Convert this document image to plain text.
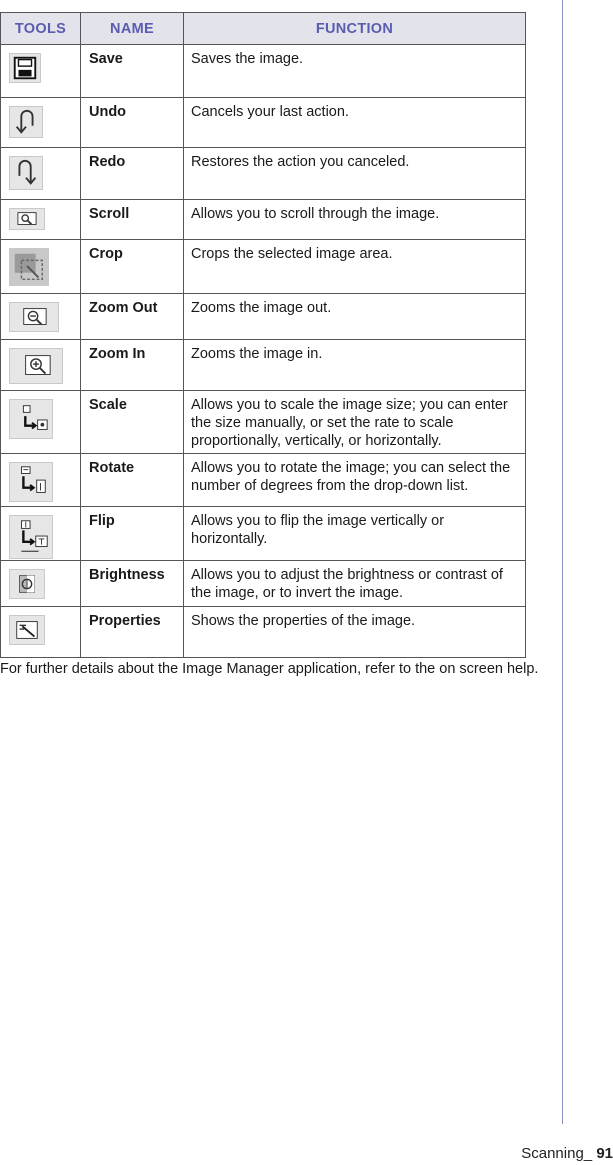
TOOLS	NAME	FUNCTION

	Save	Saves the image.

	Undo	Cancels your last action.

	Redo	Restores the action you canceled.

	Scroll	Allows you to scroll through the image.

	Crop	Crops the selected image area.

	Zoom Out	Zooms the image out.

	Zoom In	Zooms the image in.

	Scale	Allows you to scale the image size; you can enter the size manually, or set the rate to scale proportionally, vertically, or horizontally.

	Rotate	Allows you to rotate the image; you can select the number of degrees from the drop-down list.

	Flip	Allows you to flip the image vertically or horizontally.

	Brightness	Allows you to adjust the brightness or contrast of the image, or to invert the image.

	Properties	Shows the properties of the image.
For further details about the Image Manager application, refer to the on screen help.
Scanning_ 91
